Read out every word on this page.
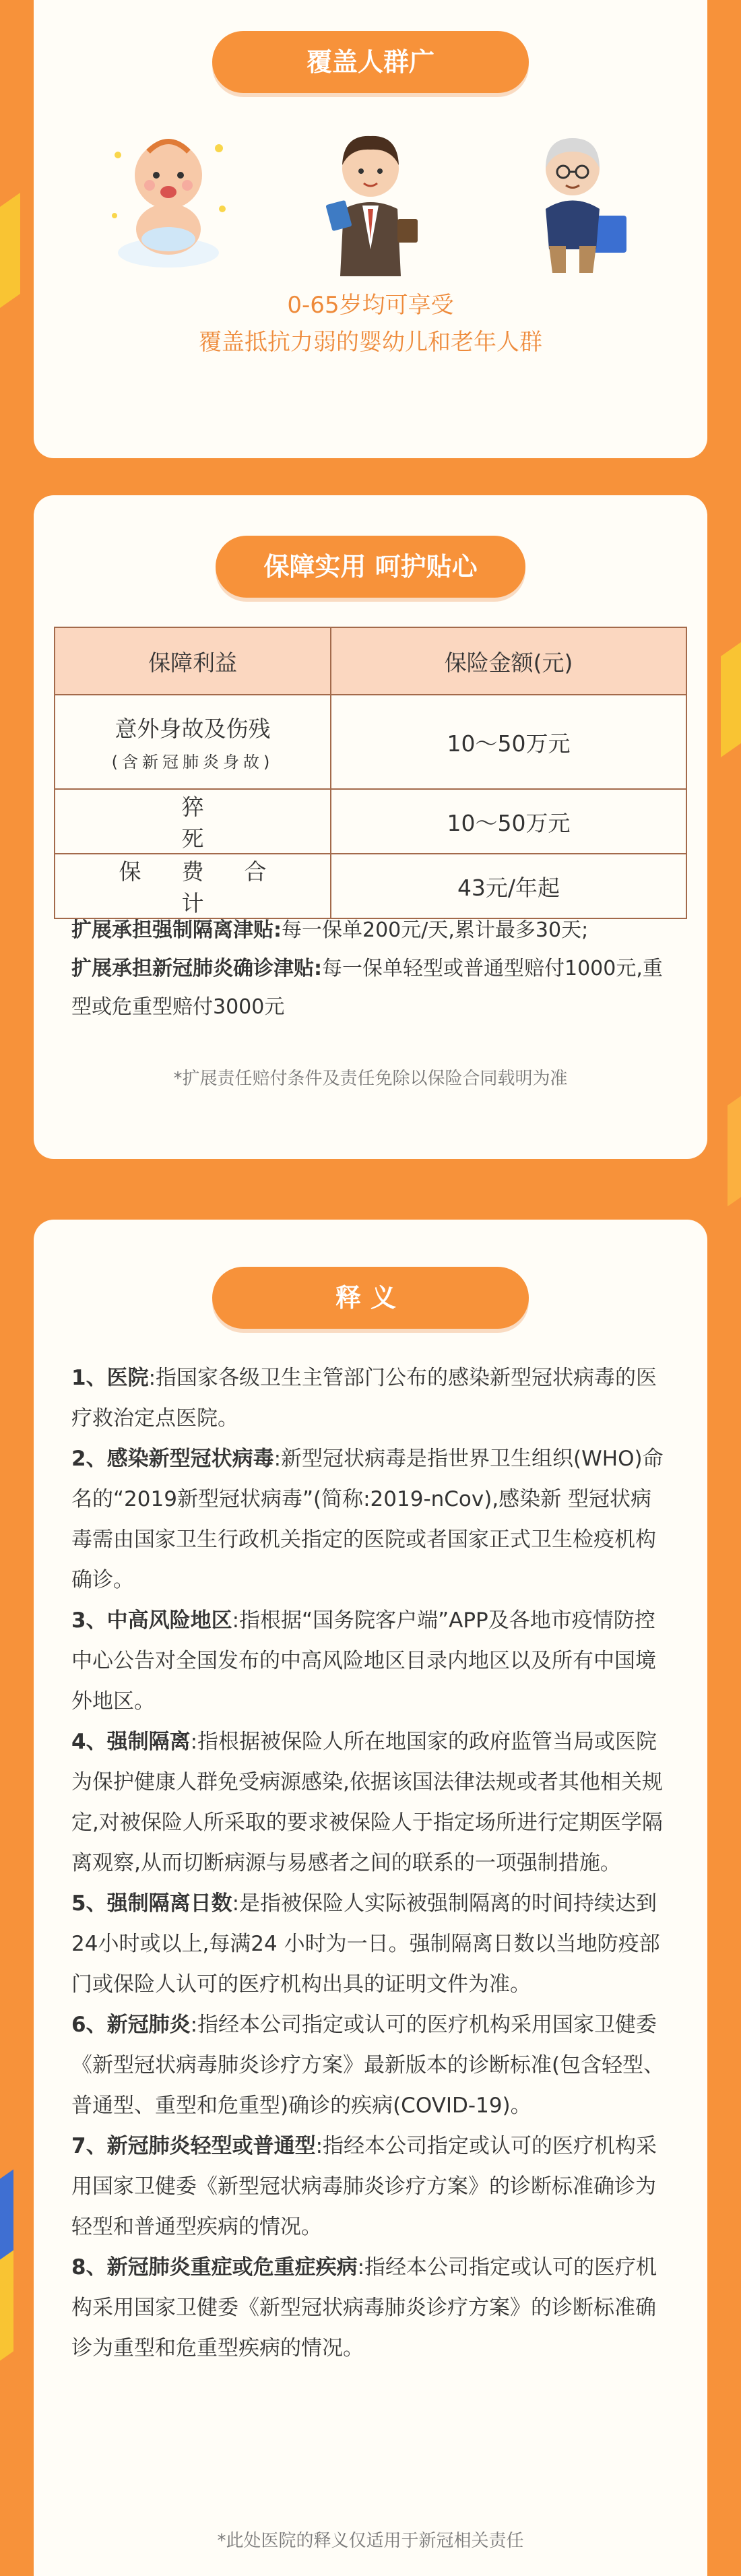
覆盖人群广
0-65岁均可享受
覆盖抵抗力弱的婴幼儿和老年人群
保障实用 呵护贴心
保障利益	保险金额(元)
意外身故及伤残
(含新冠肺炎身故)	10～50万元
猝死	10～50万元
保费合计	43元/年起

扩展承担强制隔离津贴:每一保单200元/天,累计最多30天;

扩展承担新冠肺炎确诊津贴:每一保单轻型或普通型赔付1000元,重型或危重型赔付3000元

*扩展责任赔付条件及责任免除以保险合同载明为准
释义

1、医院:指国家各级卫生主管部门公布的感染新型冠状病毒的医疗救治定点医院。

2、感染新型冠状病毒:新型冠状病毒是指世界卫生组织(WHO)命名的“2019新型冠状病毒”(简称:2019-nCov),感染新 型冠状病毒需由国家卫生行政机关指定的医院或者国家正式卫生检疫机构确诊。

3、中高风险地区:指根据“国务院客户端”APP及各地市疫情防控中心公告对全国发布的中高风险地区目录内地区以及所有中国境外地区。

4、强制隔离:指根据被保险人所在地国家的政府监管当局或医院为保护健康人群免受病源感染,依据该国法律法规或者其他相关规定,对被保险人所采取的要求被保险人于指定场所进行定期医学隔离观察,从而切断病源与易感者之间的联系的一项强制措施。

5、强制隔离日数:是指被保险人实际被强制隔离的时间持续达到24小时或以上,每满24 小时为一日。强制隔离日数以当地防疫部门或保险人认可的医疗机构出具的证明文件为准。

6、新冠肺炎:指经本公司指定或认可的医疗机构采用国家卫健委《新型冠状病毒肺炎诊疗方案》最新版本的诊断标准(包含轻型、普通型、重型和危重型)确诊的疾病(COVID-19)。

7、新冠肺炎轻型或普通型:指经本公司指定或认可的医疗机构采用国家卫健委《新型冠状病毒肺炎诊疗方案》的诊断标准确诊为轻型和普通型疾病的情况。

8、新冠肺炎重症或危重症疾病:指经本公司指定或认可的医疗机构采用国家卫健委《新型冠状病毒肺炎诊疗方案》的诊断标准确诊为重型和危重型疾病的情况。

*此处医院的释义仅适用于新冠相关责任
